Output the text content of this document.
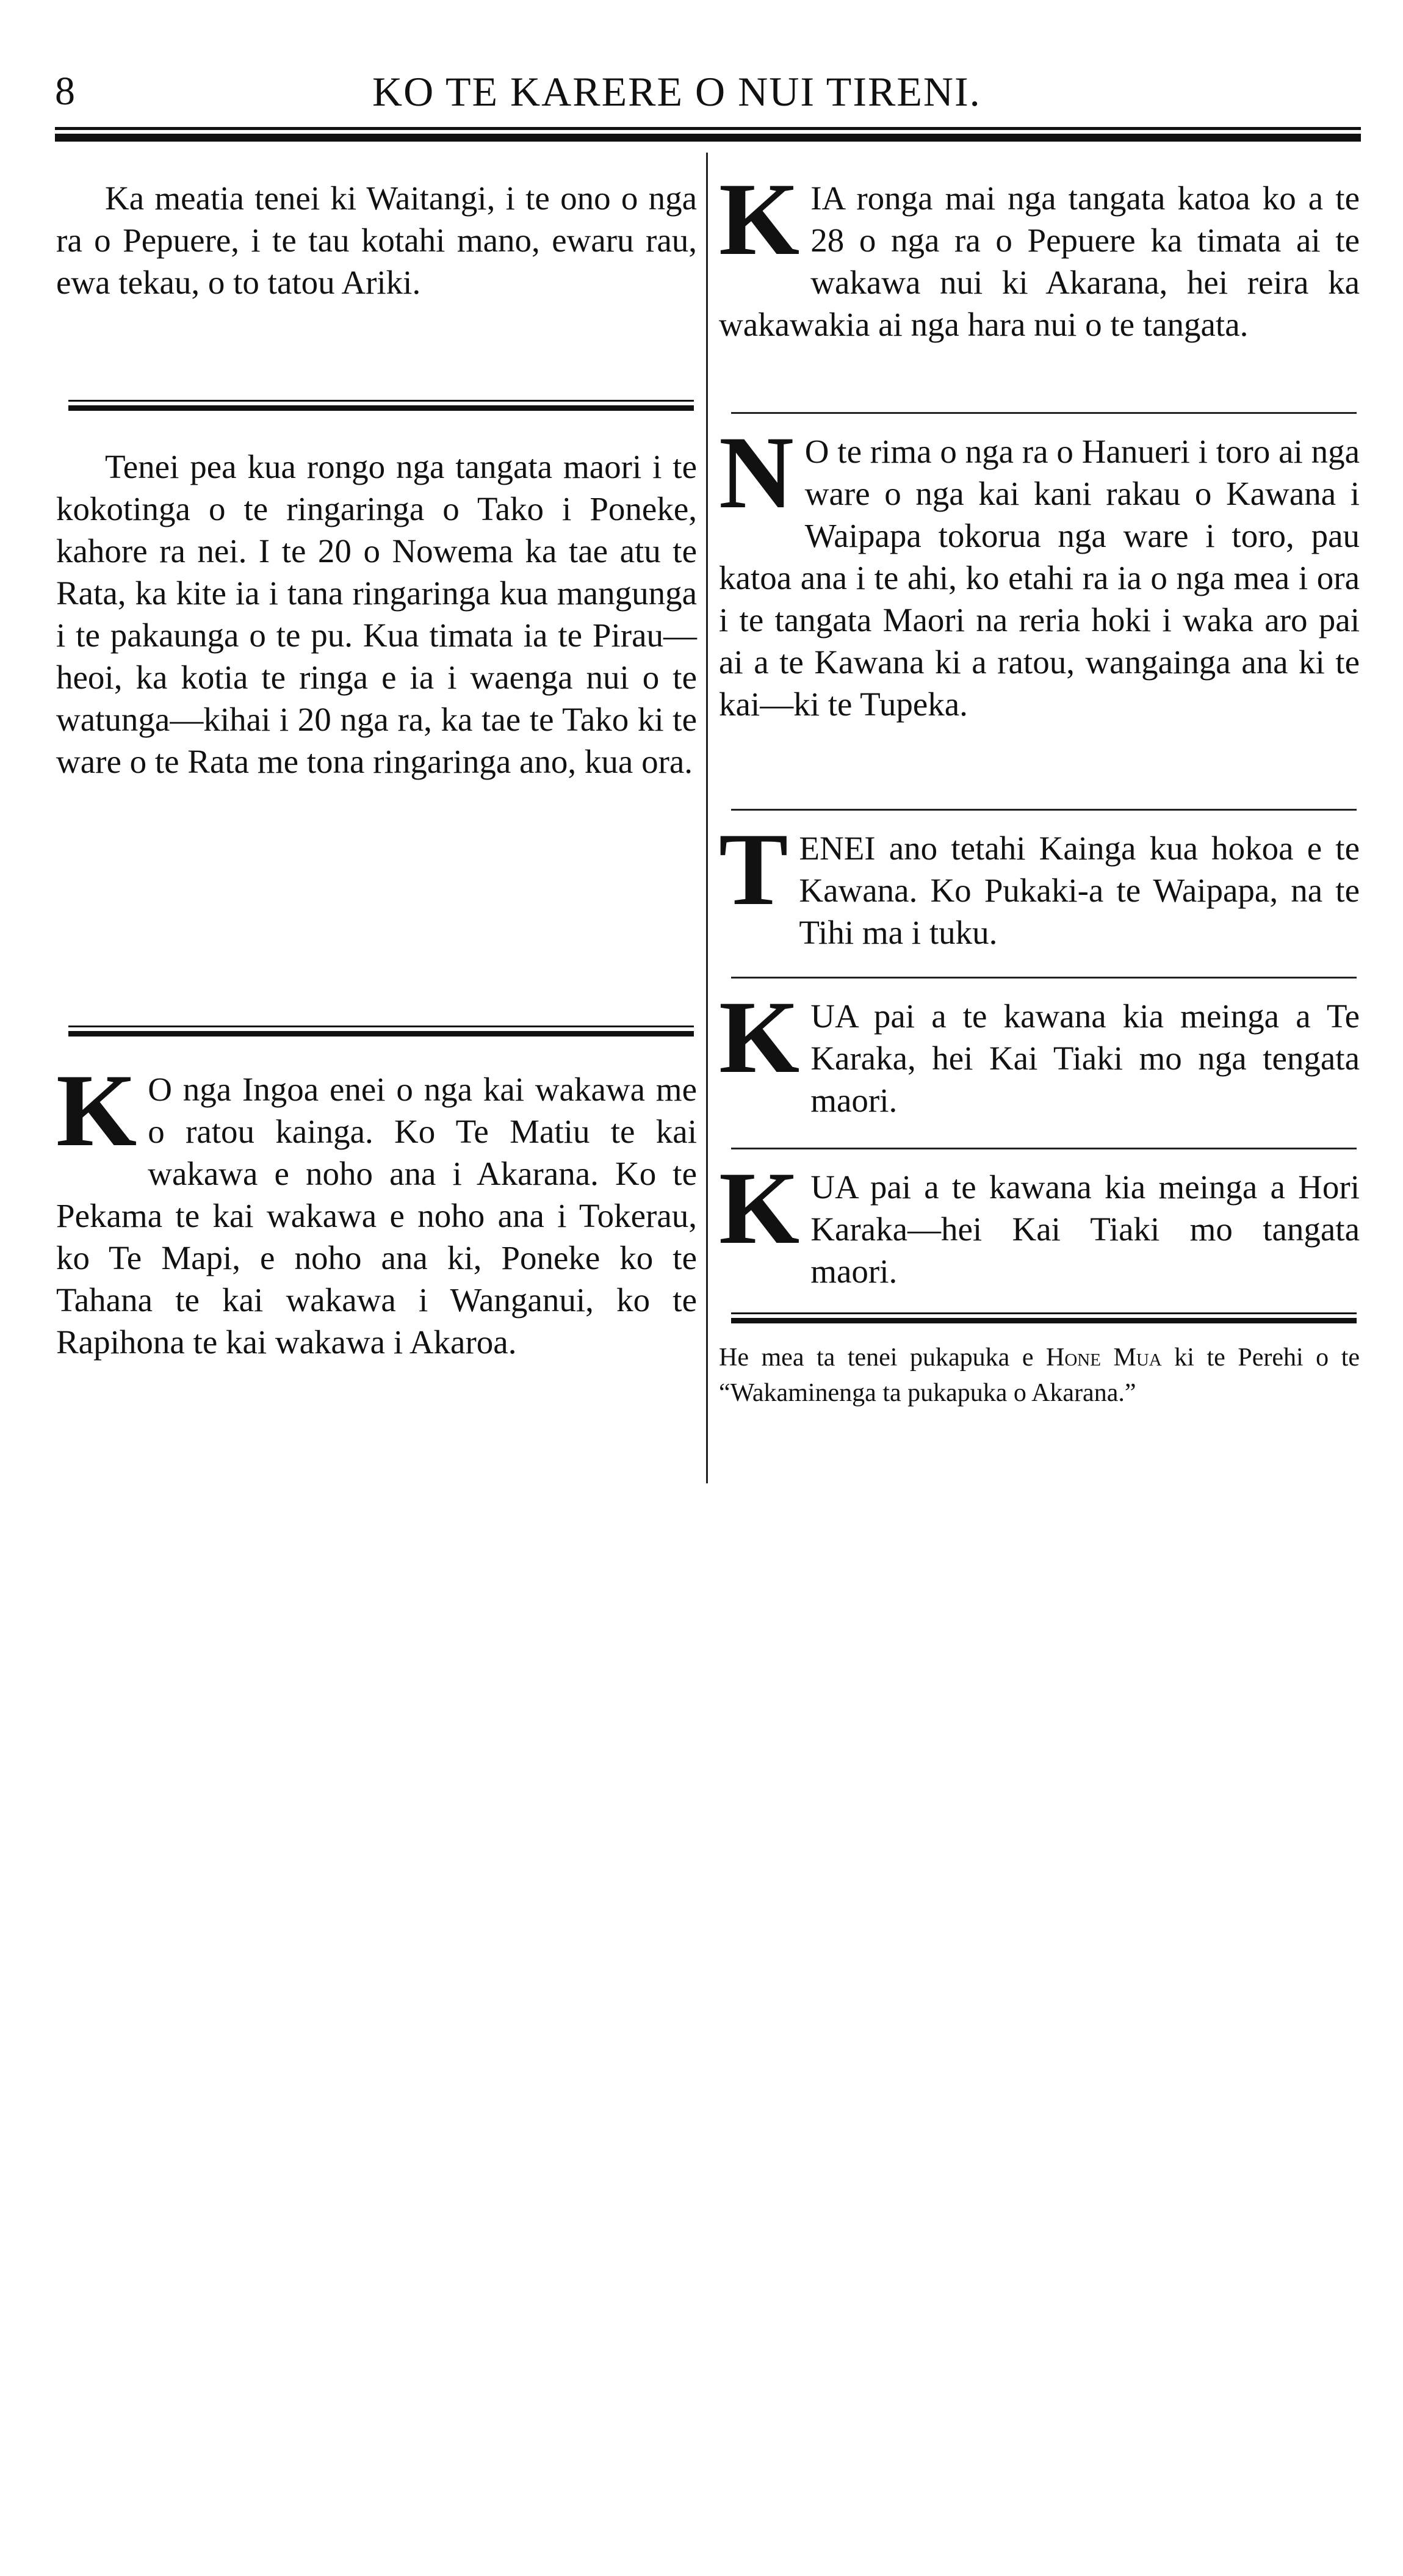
8	KO TE KARERE O NUI TIRENI.

Ka meatia tenei ki Waitangi, i te ono o nga ra o Pepuere, i te tau kotahi mano, ewaru rau, ewa tekau, o to tatou Ariki.

Tenei pea kua rongo nga tangata maori i te kokotinga o te ringaringa o Tako i Poneke, kahore ra nei. I te 20 o Nowema ka tae atu te Rata, ka kite ia i tana ringaringa kua mangunga i te pakaunga o te pu. Kua timata ia te Pirau—heoi, ka kotia te ringa e ia i waenga nui o te watunga—kihai i 20 nga ra, ka tae te Tako ki te ware o te Rata me tona ringaringa ano, kua ora.

K O nga Ingoa enei o nga kai wakawa me o ratou kainga. Ko Te Matiu te kai wakawa e noho ana i Akarana. Ko te Pekama te kai wakawa e noho ana i Tokerau, ko Te Mapi, e noho ana ki, Poneke ko te Tahana te kai wakawa i Wanganui, ko te Rapihona te kai wakawa i Akaroa.

KIA ronga mai nga tangata katoa ko a te 28 o nga ra o Pepuere ka timata ai te wakawa nui ki Akarana, hei reira ka wakawakia ai nga hara nui o te tangata.

N O te rima o nga ra o Hanueri i toro ai nga ware o nga kai kani rakau o Kawana i Waipapa tokorua nga ware i toro, pau katoa ana i te ahi, ko etahi ra ia o nga mea i ora i te tangata Maori na reria hoki i waka aro pai ai a te Kawana ki a ratou, wangainga ana ki te kai—ki te Tupeka.

TENEI ano tetahi Kainga kua hokoa e te Kawana. Ko Pukaki-a te Waipapa, na te Tihi ma i tuku.

KUA pai a te kawana kia meinga a Te Karaka, hei Kai Tiaki mo nga tengata maori.

KUA pai a te kawana kia meinga a Hori Karaka—hei Kai Tiaki mo tangata maori.

He mea ta tenei pukapuka e Hone Mua ki te Perehi o te “Wakaminenga ta pukapuka o Akarana.”
